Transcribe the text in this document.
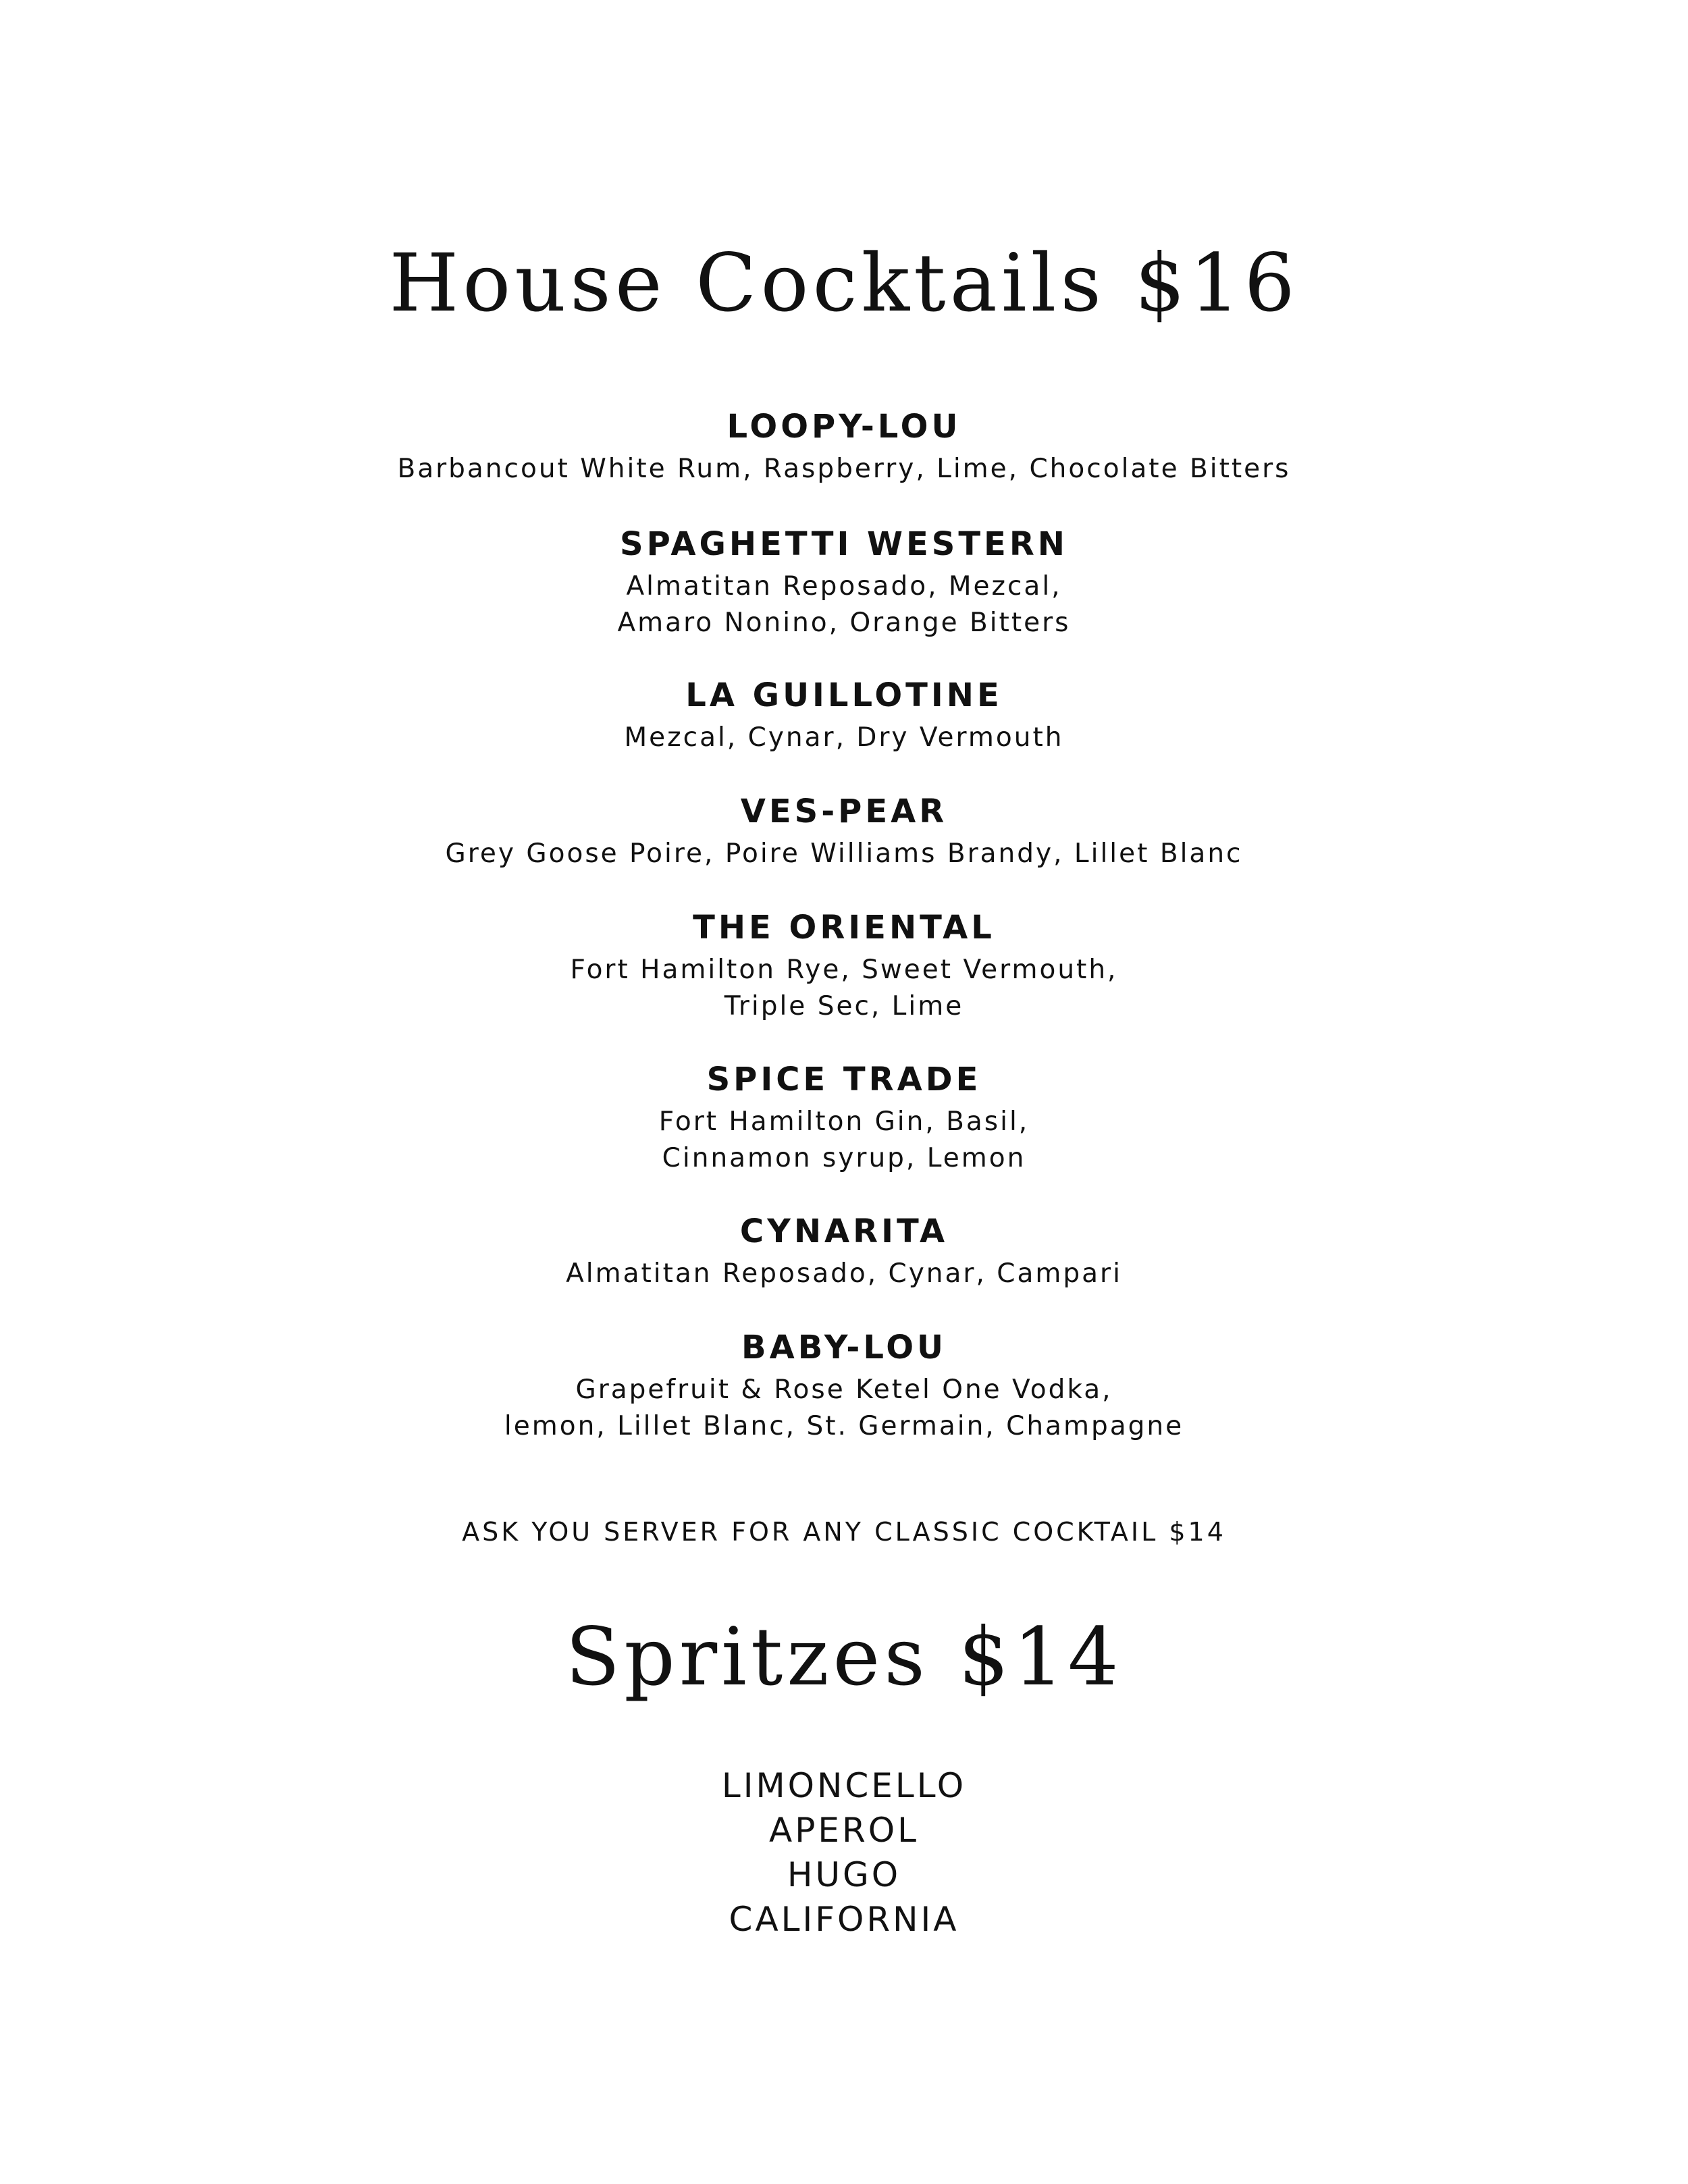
House Cocktails $16
LOOPY-LOU
Barbancout White Rum, Raspberry, Lime, Chocolate Bitters
SPAGHETTI WESTERN
Almatitan Reposado, Mezcal,
Amaro Nonino, Orange Bitters
LA GUILLOTINE
Mezcal, Cynar, Dry Vermouth
VES-PEAR
Grey Goose Poire, Poire Williams Brandy, Lillet Blanc
THE ORIENTAL
Fort Hamilton Rye, Sweet Vermouth,
Triple Sec, Lime
SPICE TRADE
Fort Hamilton Gin, Basil,
Cinnamon syrup, Lemon
CYNARITA
Almatitan Reposado, Cynar, Campari
BABY-LOU
Grapefruit & Rose Ketel One Vodka,
lemon, Lillet Blanc, St. Germain, Champagne
ASK YOU SERVER FOR ANY CLASSIC COCKTAIL $14
Spritzes $14
LIMONCELLO
APEROL
HUGO
CALIFORNIA
